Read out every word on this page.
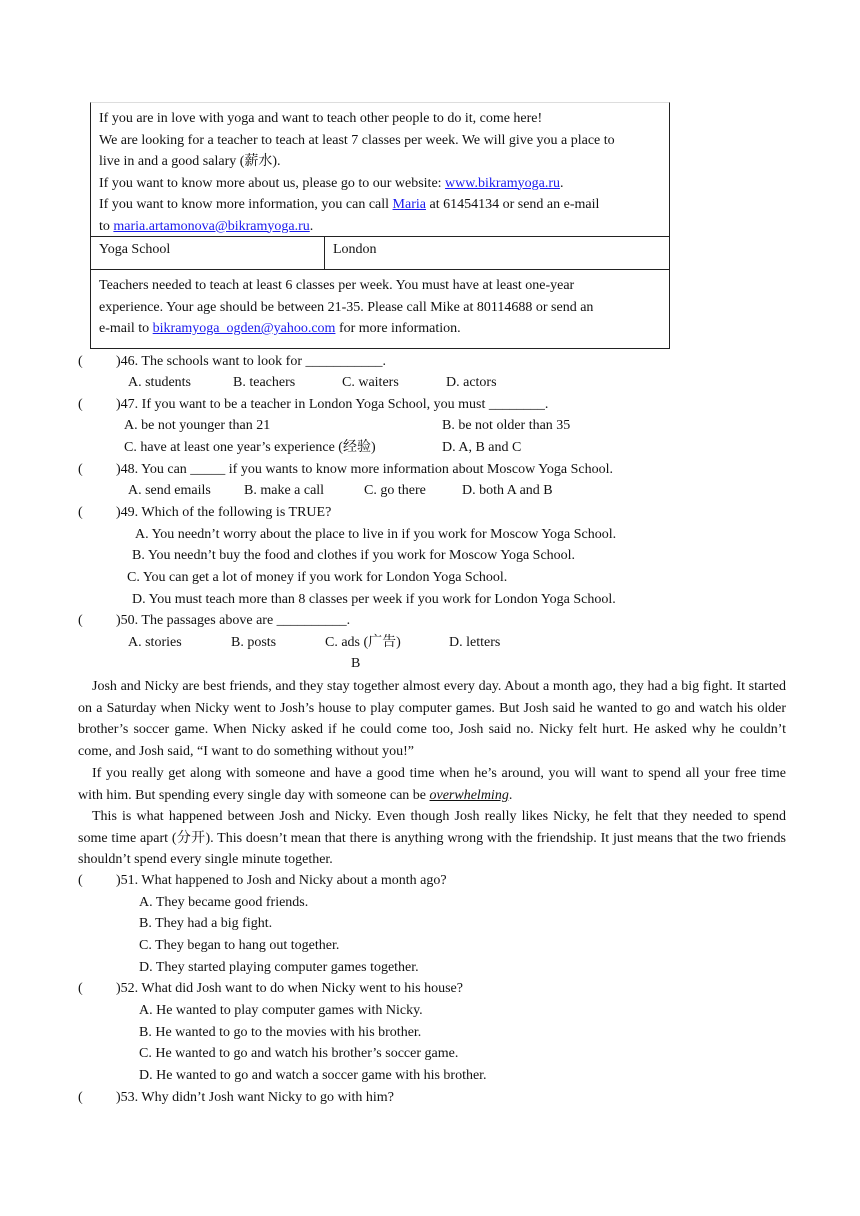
If you are in love with yoga and want to teach other people to do it, come here!
We are looking for a teacher to teach at least 7 classes per week. We will give you a place to
live in and a good salary (薪水).
If you want to know more about us, please go to our website: www.bikramyoga.ru.
If you want to know more information, you can call Maria at 61454134 or send an e-mail
to maria.artamonova@bikramyoga.ru.
Yoga School	London
Teachers needed to teach at least 6 classes per week. You must have at least one-year
experience. Your age should be between 21-35. Please call Mike at 80114688 or send an
e-mail to bikramyoga_ogden@yahoo.com for more information.
( )46. The schools want to look for ___________.
A. students	B. teachers	C. waiters	D. actors
( )47. If you want to be a teacher in London Yoga School, you must ________.
A. be not younger than 21	B. be not older than 35
C. have at least one year’s experience (经验)	D. A, B and C
( )48. You can _____ if you wants to know more information about Moscow Yoga School.
A. send emails B. make a call	C. go there	D. both A and B
( )49. Which of the following is TRUE?
A. You needn’t worry about the place to live in if you work for Moscow Yoga School.
B. You needn’t buy the food and clothes if you work for Moscow Yoga School.
C. You can get a lot of money if you work for London Yoga School.
D. You must teach more than 8 classes per week if you work for London Yoga School.
( )50. The passages above are __________.
A. stories	B. posts	C. ads (广告)	D. letters
B
Josh and Nicky are best friends, and they stay together almost every day. About a month ago, they had a big fight. It started on a Saturday when Nicky went to Josh’s house to play computer games. But Josh said he wanted to go and watch his older brother’s soccer game. When Nicky asked if he could come too, Josh said no. Nicky felt hurt. He asked why he couldn’t come, and Josh said, “I want to do something without you!”
If you really get along with someone and have a good time when he’s around, you will want to spend all your free time with him. But spending every single day with someone can be overwhelming.
This is what happened between Josh and Nicky. Even though Josh really likes Nicky, he felt that they needed to spend some time apart (分开). This doesn’t mean that there is anything wrong with the friendship. It just means that the two friends shouldn’t spend every single minute together.
( )51. What happened to Josh and Nicky about a month ago?
A. They became good friends.
B. They had a big fight.
C. They began to hang out together.
D. They started playing computer games together.
( )52. What did Josh want to do when Nicky went to his house?
A. He wanted to play computer games with Nicky.
B. He wanted to go to the movies with his brother.
C. He wanted to go and watch his brother’s soccer game.
D. He wanted to go and watch a soccer game with his brother.
( )53. Why didn’t Josh want Nicky to go with him?
